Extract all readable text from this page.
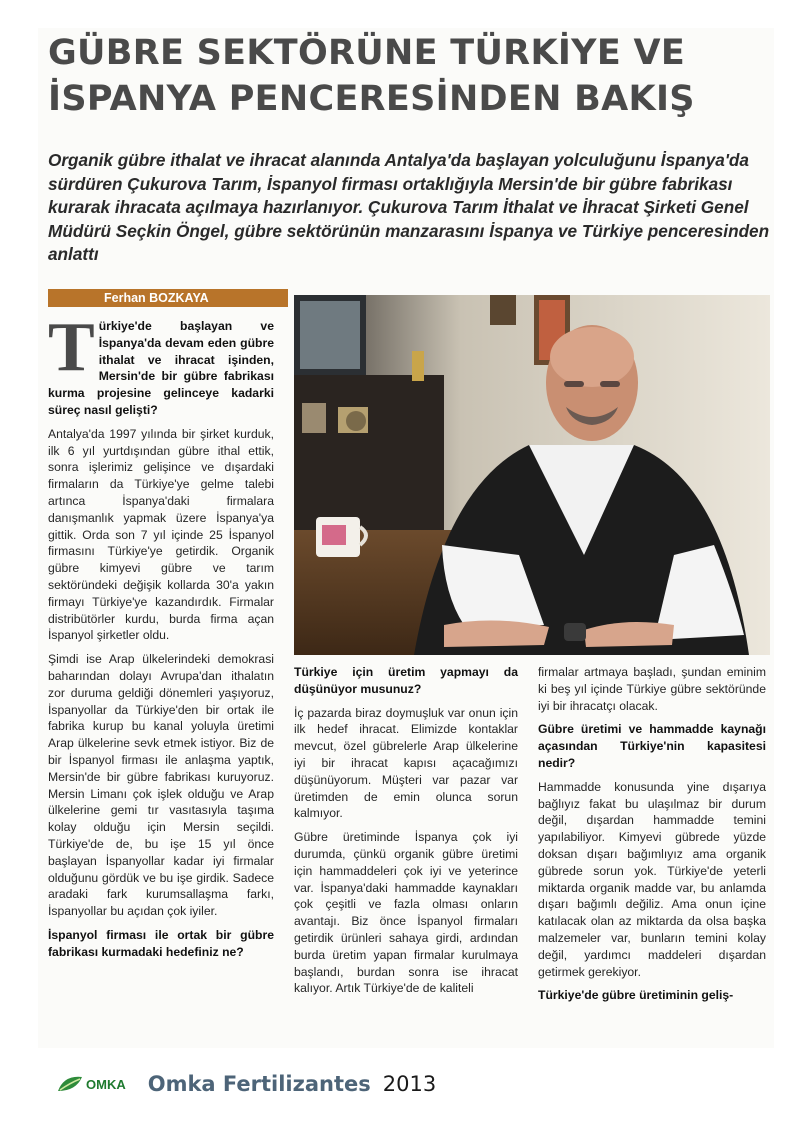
GÜBRE SEKTÖRÜNE TÜRKİYE VE
İSPANYA PENCERESİNDEN BAKIŞ

Organik gübre ithalat ve ihracat alanında Antalya'da başlayan yolculuğunu İspanya'da sürdüren Çukurova Tarım, İspanyol firması ortaklığıyla Mersin'de bir gübre fabrikası kurarak ihracata açılmaya hazırlanıyor. Çukurova Tarım İthalat ve İhracat Şirketi Genel Müdürü Seçkin Öngel, gübre sektörünün manzarasını İspanya ve Türkiye penceresinden anlattı

Ferhan BOZKAYA

Türkiye'de başlayan ve İspanya'da devam eden gübre ithalat ve ihracat işinden, Mersin'de bir gübre fabrikası kurma projesine gelinceye kadarki süreç nasıl gelişti?

Antalya'da 1997 yılında bir şirket kurduk, ilk 6 yıl yurtdışından gübre ithal ettik, sonra işlerimiz gelişince ve dışardaki firmaların da Türkiye'ye gelme talebi artınca İspanya'daki firmalara danışmanlık yapmak üzere İspanya'ya gittik. Orda son 7 yıl içinde 25 İspanyol firmasını Türkiye'ye getirdik. Organik gübre kimyevi gübre ve tarım sektöründeki değişik kollarda 30'a yakın firmayı Türkiye'ye kazandırdık. Firmalar distribütörler kurdu, burda firma açan İspanyol şirketler oldu.

Şimdi ise Arap ülkelerindeki demokrasi baharından dolayı Avrupa'dan ithalatın zor duruma geldiği dönemleri yaşıyoruz, İspanyollar da Türkiye'den bir ortak ile fabrika kurup bu kanal yoluyla üretimi Arap ülkelerine sevk etmek istiyor. Biz de bir İspanyol firması ile anlaşma yaptık, Mersin'de bir gübre fabrikası kuruyoruz. Mersin Limanı çok işlek olduğu ve Arap ülkelerine gemi tır vasıtasıyla taşıma kolay olduğu için Mersin seçildi. Türkiye'de de, bu işe 15 yıl önce başlayan İspanyollar kadar iyi firmalar olduğunu gördük ve bu işe girdik. Sadece aradaki fark kurumsallaşma farkı, İspanyollar bu açıdan çok iyiler.

İspanyol firması ile ortak bir gübre fabrikası kurmadaki hedefiniz ne?

Türkiye için üretim yapmayı da düşünüyor musunuz?

İç pazarda biraz doymuşluk var onun için ilk hedef ihracat. Elimizde kontaklar mevcut, özel gübrelerle Arap ülkelerine iyi bir ihracat kapısı açacağımızı düşünüyorum. Müşteri var pazar var üretimden de emin olunca sorun kalmıyor.

Gübre üretiminde İspanya çok iyi durumda, çünkü organik gübre üretimi için hammaddeleri çok iyi ve yeterince var. İspanya'daki hammadde kaynakları çok çeşitli ve fazla olması onların avantajı. Biz önce İspanyol firmaları getirdik ürünleri sahaya girdi, ardından burda üretim yapan firmalar kurulmaya başlandı, burdan sonra ise ihracat kalıyor. Artık Türkiye'de de kaliteli

firmalar artmaya başladı, şundan eminim ki beş yıl içinde Türkiye gübre sektöründe iyi bir ihracatçı olacak.

Gübre üretimi ve hammadde kaynağı açasından Türkiye'nin kapasitesi nedir?

Hammadde konusunda yine dışarıya bağlıyız fakat bu ulaşılmaz bir durum değil, dışardan hammadde temini yapılabiliyor. Kimyevi gübrede yüzde doksan dışarı bağımlıyız ama organik gübrede sorun yok. Türkiye'de yeterli miktarda organik madde var, bu anlamda dışarı bağımlı değiliz. Ama onun içine katılacak olan az miktarda da olsa başka malzemeler var, bunların temini kolay değil, yardımcı maddeleri dışardan getirmek gerekiyor.

Türkiye'de gübre üretiminin geliş-

OMKA Omka Fertilizantes 2013
